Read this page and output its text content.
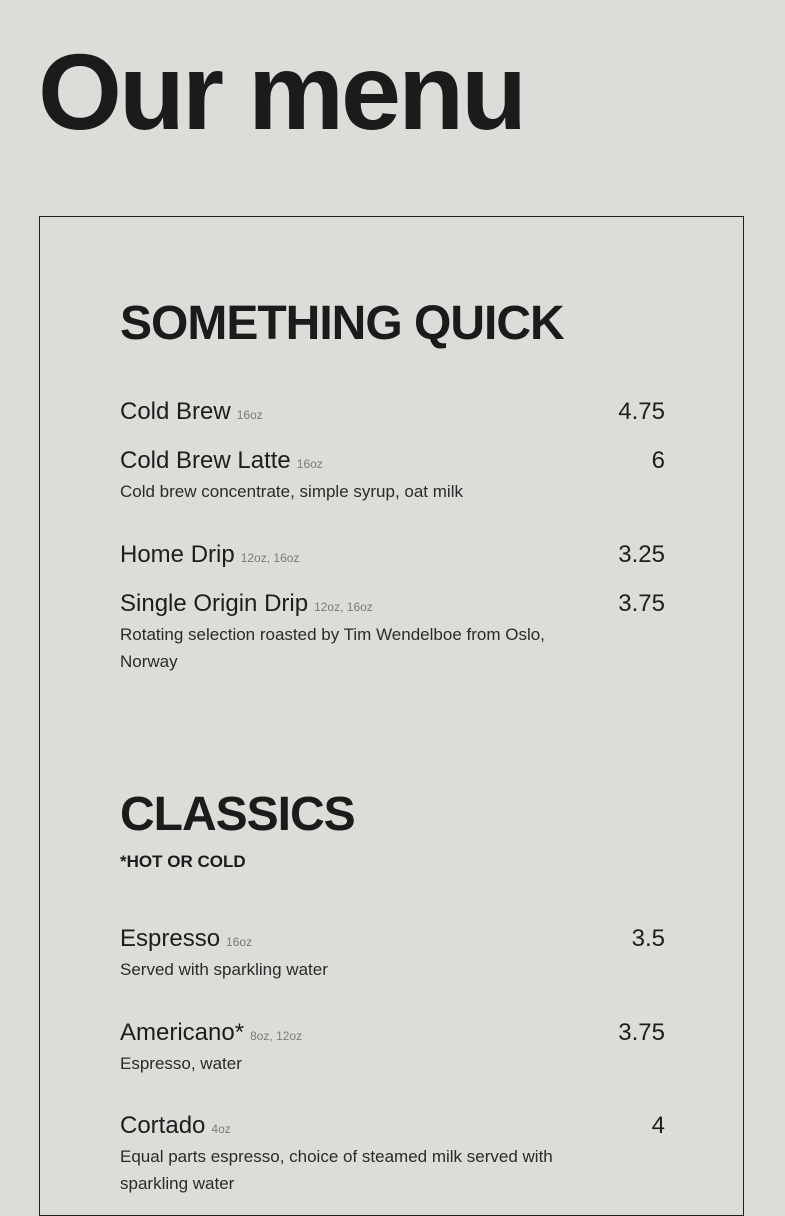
Our menu
SOMETHING QUICK
Cold Brew 16oz	4.75
Cold Brew Latte 16oz	6
Cold brew concentrate, simple syrup, oat milk
Home Drip 12oz, 16oz	3.25
Single Origin Drip 12oz, 16oz	3.75
Rotating selection roasted by Tim Wendelboe from Oslo, Norway
CLASSICS
*HOT OR COLD
Espresso 16oz	3.5
Served with sparkling water
Americano* 8oz, 12oz	3.75
Espresso, water
Cortado 4oz	4
Equal parts espresso, choice of steamed milk served with sparkling water
